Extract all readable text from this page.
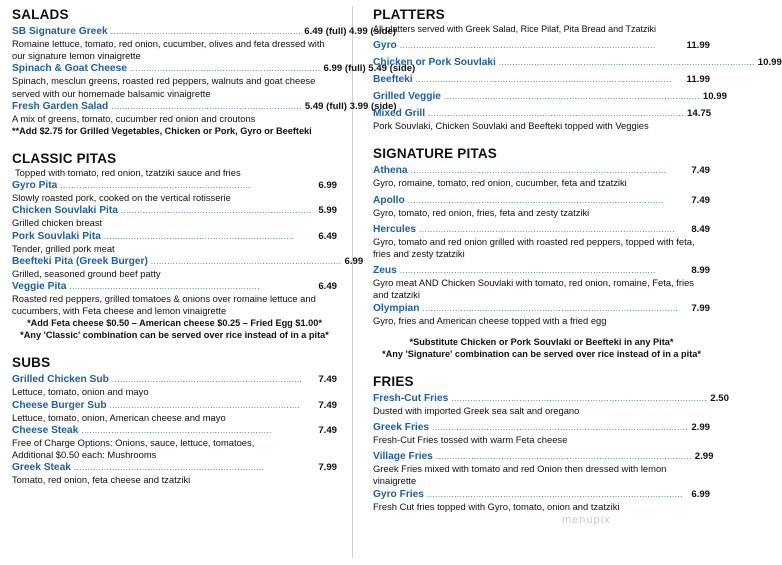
SALADS
SB Signature Greek ...................................................................... 6.49 (full) 4.99 (side)
Romaine lettuce, tomato, red onion, cucumber, olives and feta dressed with our signature lemon vinaigrette
Spinach & Goat Cheese ...................................................................... 6.99 (full) 5.49 (side)
Spinach, mesclun greens, roasted red peppers, walnuts and goat cheese served with our homemade balsamic vinaigrette
Fresh Garden Salad ...................................................................... 5.49 (full) 3.99 (side)
A mix of greens, tomato, cucumber red onion and croutons
**Add $2.75 for Grilled Vegetables, Chicken or Pork, Gyro or Beefteki
CLASSIC PITAS
Topped with tomato, red onion, tzatziki sauce and fries
Gyro Pita ......................................................................	6.99
Slowly roasted pork, cooked on the vertical rotisserie
Chicken Souvlaki Pita ...................................................................... 5.99
Grilled chicken breast
Pork Souvlaki Pita ......................................................................	6.49
Tender, grilled pork meat
Beefteki Pita (Greek Burger) ...................................................................... 6.99
Grilled, seasoned ground beef patty
Veggie Pita ......................................................................	6.49
Roasted red peppers, grilled tomatoes & onions over romaine lettuce and cucumbers, with Feta cheese and lemon vinaigrette
*Add Feta cheese $0.50 – American cheese $0.25 – Fried Egg $1.00*
*Any 'Classic' combination can be served over rice instead of in a pita*
SUBS
Grilled Chicken Sub ......................................................................	7.49
Lettuce, tomato, onion and mayo
Cheese Burger Sub ......................................................................	7.49
Lettuce, tomato, onion, American cheese and mayo
Cheese Steak ......................................................................	7.49
Free of Charge Options: Onions, sauce, lettuce, tomatoes, Additional $0.50 each: Mushrooms
Greek Steak ......................................................................	7.99
Tomato, red onion, feta cheese and tzatziki
PLATTERS
All platters served with Greek Salad, Rice Pilaf, Pita Bread and Tzatziki
Gyro ..............................................................................................	11.99
Chicken or Pork Souvlaki .............................................................................................. 10.99
Beefteki ..............................................................................................	11.99
Grilled Veggie .............................................................................................. 10.99
Mixed Grill .............................................................................................. 14.75
Pork Souvlaki, Chicken Souvlaki and Beefteki topped with Veggies
SIGNATURE PITAS
Athena ..............................................................................................	7.49
Gyro, romaine, tomato, red onion, cucumber, feta and tzatziki
Apollo ..............................................................................................	7.49
Gyro, tomato, red onion, fries, feta and zesty tzatziki
Hercules ..............................................................................................	8.49
Gyro, tomato and red onion grilled with roasted red peppers, topped with feta, fries and zesty tzatziki
Zeus ..............................................................................................	8.99
Gyro meat AND Chicken Souvlaki with tomato, red onion, romaine, Feta, fries and tzatziki
Olympian ..............................................................................................	7.99
Gyro, fries and American cheese topped with a fried egg
*Substitute Chicken or Pork Souvlaki or Beefteki in any Pita*
*Any 'Signature' combination can be served over rice instead of in a pita*
FRIES
Fresh-Cut Fries .............................................................................................. 2.50
Dusted with imported Greek sea salt and oregano
Greek Fries .............................................................................................. 2.99
Fresh-Cut Fries tossed with warm Feta cheese
Village Fries .............................................................................................. 2.99
Greek Fries mixed with tomato and red Onion then dressed with lemon vinaigrette
Gyro Fries .............................................................................................. 6.99
Fresh Cut fries topped with Gyro, tomato, onion and tzatziki
menupix
